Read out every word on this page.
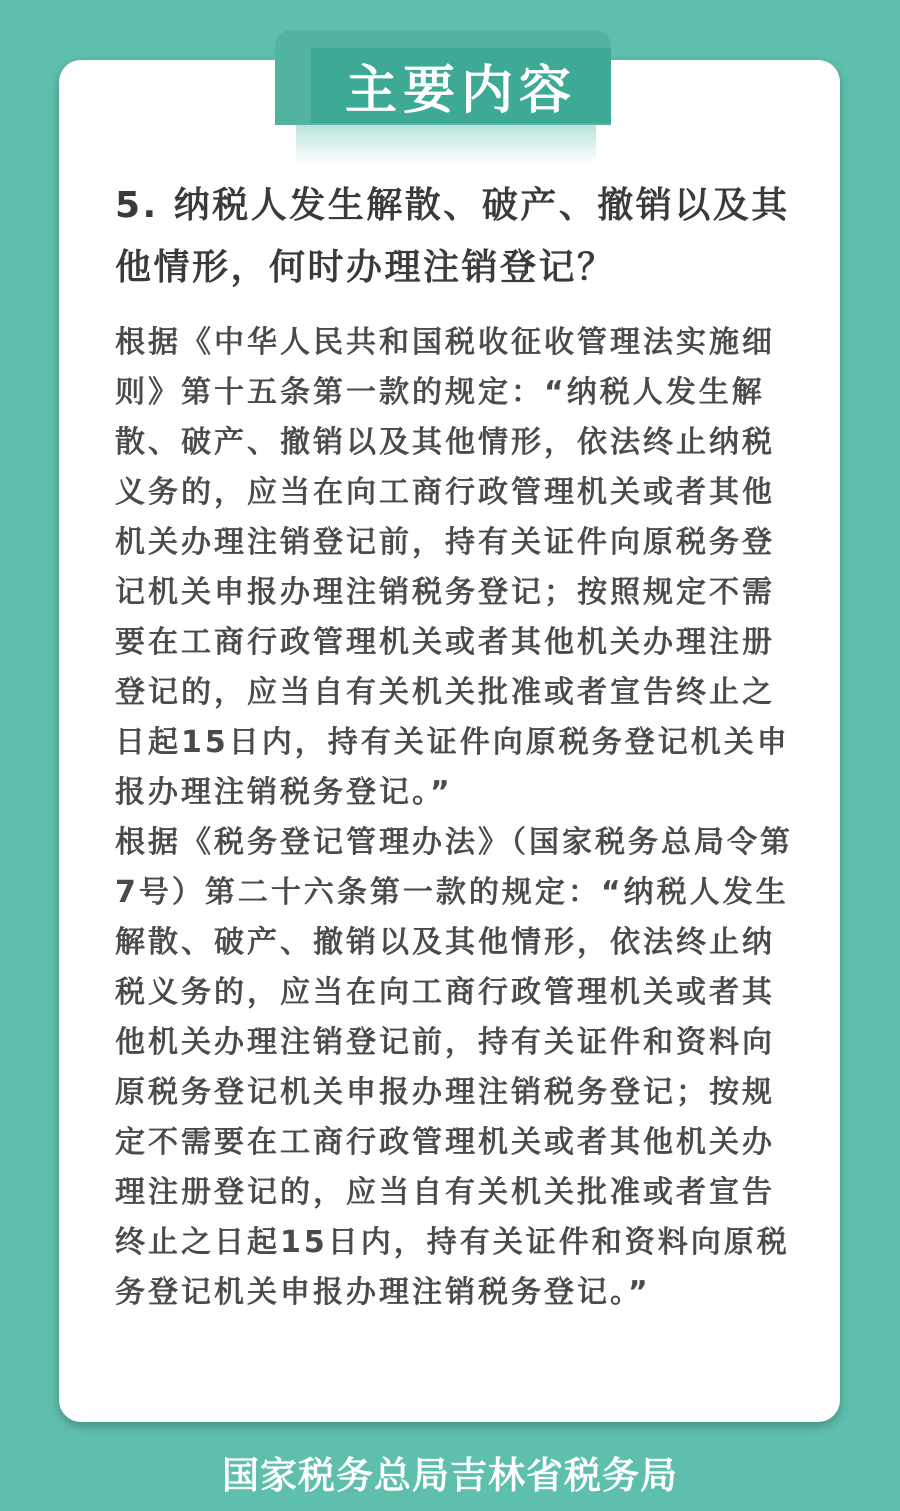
主要内容
5. 纳税人发生解散、破产、撤销以及其他情形，何时办理注销登记？

根据《中华人民共和国税收征收管理法实施细则》第十五条第一款的规定：“纳税人发生解散、破产、撤销以及其他情形，依法终止纳税义务的，应当在向工商行政管理机关或者其他机关办理注销登记前，持有关证件向原税务登记机关申报办理注销税务登记；按照规定不需要在工商行政管理机关或者其他机关办理注册登记的，应当自有关机关批准或者宣告终止之日起15日内，持有关证件向原税务登记机关申报办理注销税务登记。”

根据《税务登记管理办法》（国家税务总局令第7号）第二十六条第一款的规定：“纳税人发生解散、破产、撤销以及其他情形，依法终止纳税义务的，应当在向工商行政管理机关或者其他机关办理注销登记前，持有关证件和资料向原税务登记机关申报办理注销税务登记；按规定不需要在工商行政管理机关或者其他机关办理注册登记的，应当自有关机关批准或者宣告终止之日起15日内，持有关证件和资料向原税务登记机关申报办理注销税务登记。”

国家税务总局吉林省税务局
